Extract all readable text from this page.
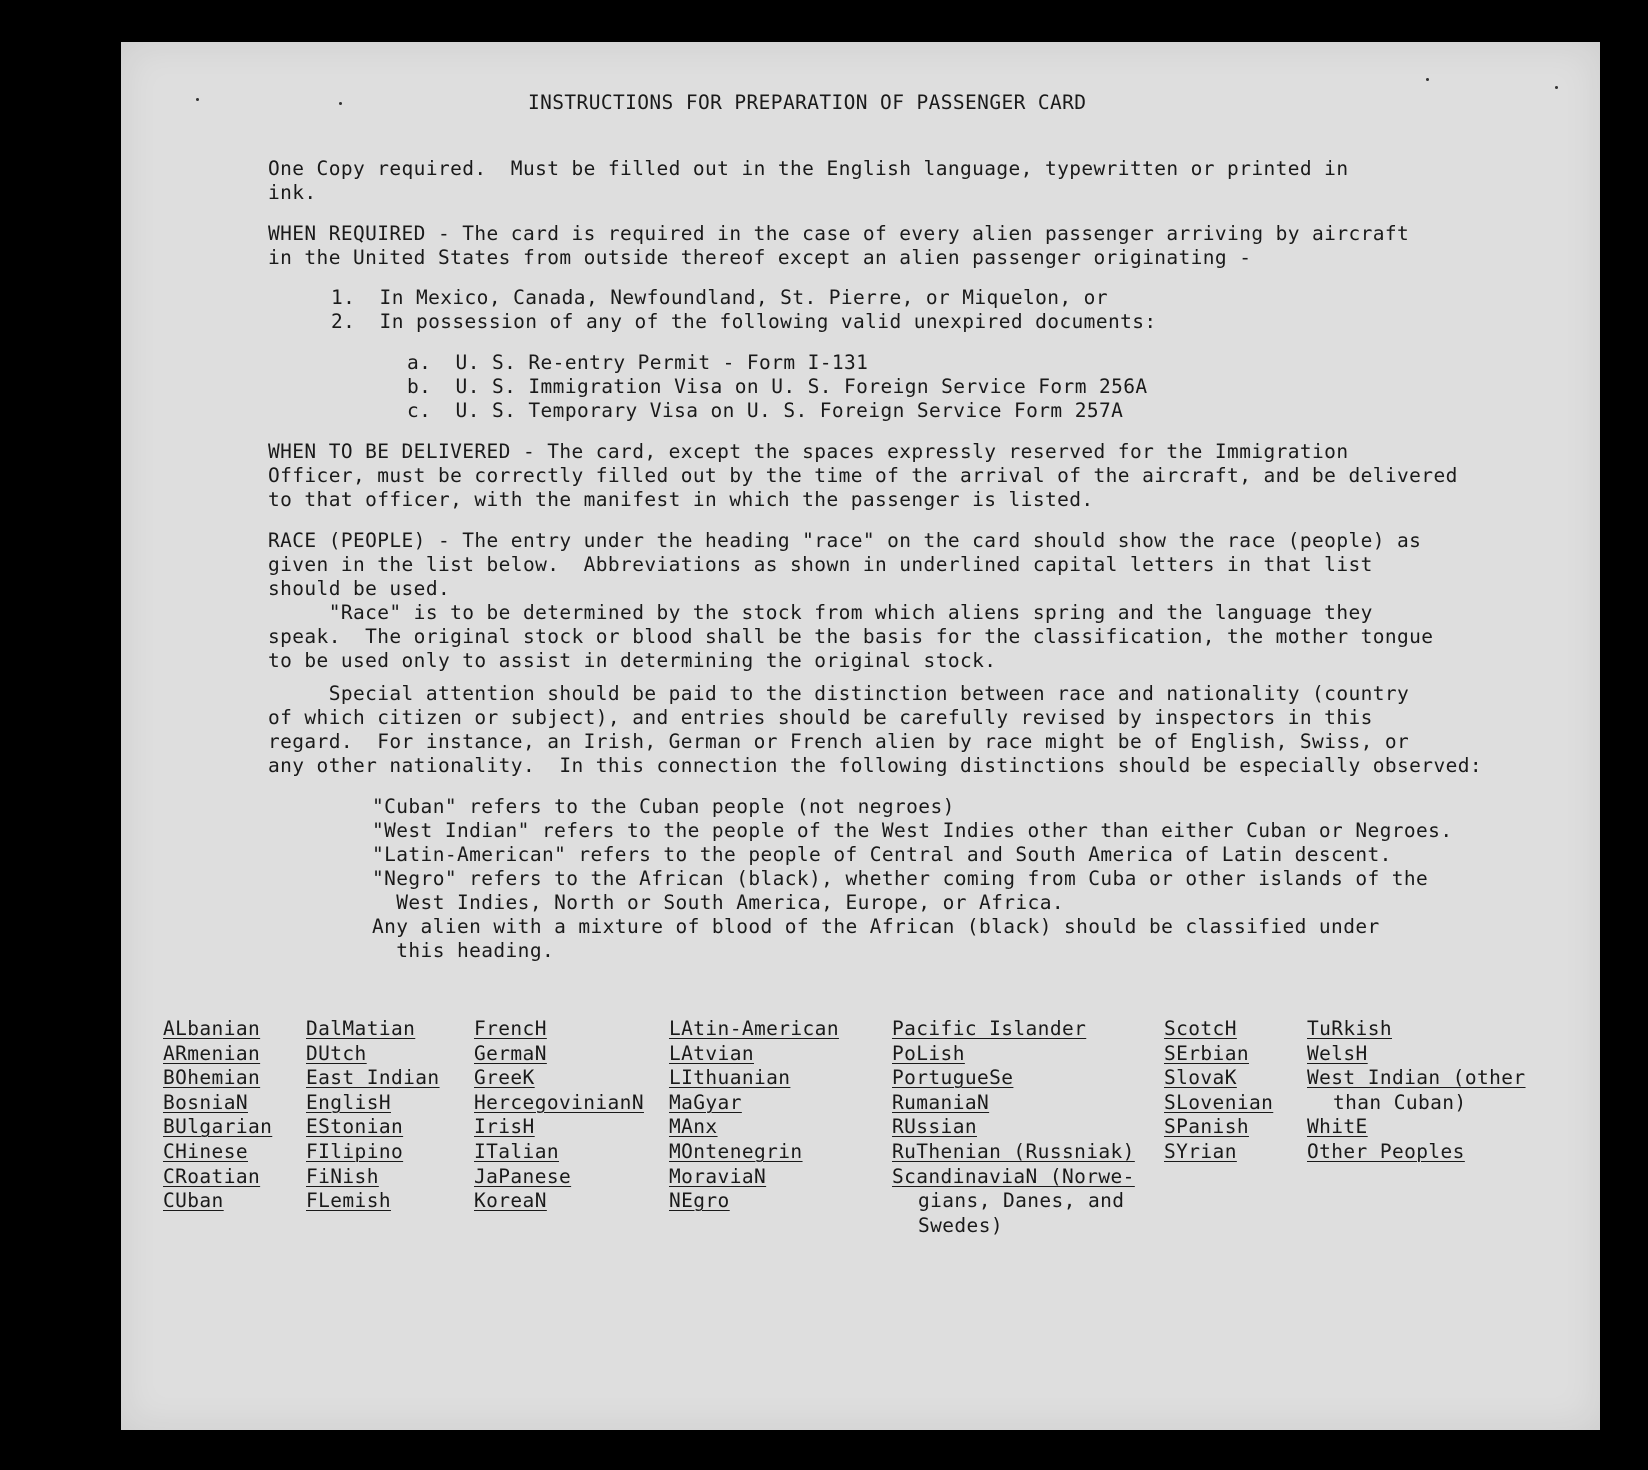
INSTRUCTIONS FOR PREPARATION OF PASSENGER CARD
One Copy required.  Must be filled out in the English language, typewritten or printed in
ink.
WHEN REQUIRED - The card is required in the case of every alien passenger arriving by aircraft
in the United States from outside thereof except an alien passenger originating -
1.  In Mexico, Canada, Newfoundland, St. Pierre, or Miquelon, or
2.  In possession of any of the following valid unexpired documents:
a.  U. S. Re-entry Permit - Form I-131
b.  U. S. Immigration Visa on U. S. Foreign Service Form 256A
c.  U. S. Temporary Visa on U. S. Foreign Service Form 257A
WHEN TO BE DELIVERED - The card, except the spaces expressly reserved for the Immigration
Officer, must be correctly filled out by the time of the arrival of the aircraft, and be delivered
to that officer, with the manifest in which the passenger is listed.
RACE (PEOPLE) - The entry under the heading "race" on the card should show the race (people) as
given in the list below.  Abbreviations as shown in underlined capital letters in that list
should be used.
"Race" is to be determined by the stock from which aliens spring and the language they
speak.  The original stock or blood shall be the basis for the classification, the mother tongue
to be used only to assist in determining the original stock.
Special attention should be paid to the distinction between race and nationality (country
of which citizen or subject), and entries should be carefully revised by inspectors in this
regard.  For instance, an Irish, German or French alien by race might be of English, Swiss, or
any other nationality.  In this connection the following distinctions should be especially observed:
"Cuban" refers to the Cuban people (not negroes)
"West Indian" refers to the people of the West Indies other than either Cuban or Negroes.
"Latin-American" refers to the people of Central and South America of Latin descent.
"Negro" refers to the African (black), whether coming from Cuba or other islands of the
West Indies, North or South America, Europe, or Africa.
Any alien with a mixture of blood of the African (black) should be classified under
this heading.
ALbanian
ARmenian
BOhemian
BosniaN
BUlgarian
CHinese
CRoatian
CUban
DalMatian
DUtch
East Indian
EnglisH
EStonian
FIlipino
FiNish
FLemish
FrencH
GermaN
GreeK
HercegovinianN
IrisH
ITalian
JaPanese
KoreaN
LAtin-American
LAtvian
LIthuanian
MaGyar
MAnx
MOntenegrin
MoraviaN
NEgro
Pacific Islander
PoLish
PortugueSe
RumaniaN
RUssian
RuThenian (Russniak)
ScandinaviaN (Norwe-
gians, Danes, and
Swedes)
ScotcH
SErbian
SlovaK
SLovenian
SPanish
SYrian
TuRkish
WelsH
West Indian (other
than Cuban)
WhitE
Other Peoples
